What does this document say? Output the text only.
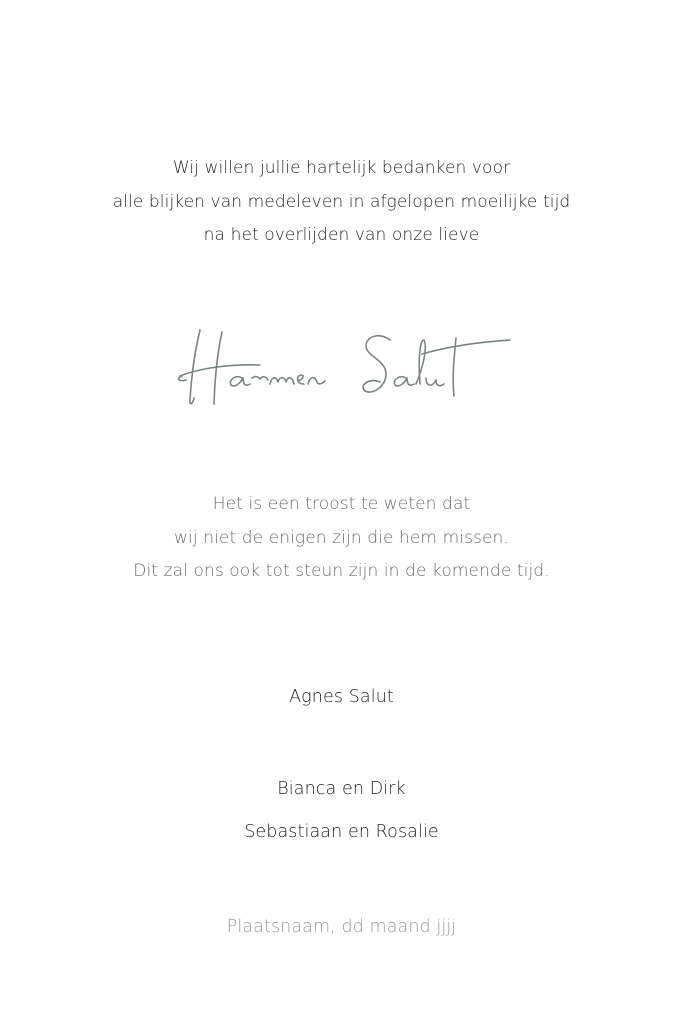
Wij willen jullie hartelijk bedanken voor
alle blijken van medeleven in afgelopen moeilijke tijd
na het overlijden van onze lieve
Het is een troost te weten dat
wij niet de enigen zijn die hem missen.
Dit zal ons ook tot steun zijn in de komende tijd.
Agnes Salut
Bianca en Dirk
Sebastiaan en Rosalie
Plaatsnaam, dd maand jjjj
